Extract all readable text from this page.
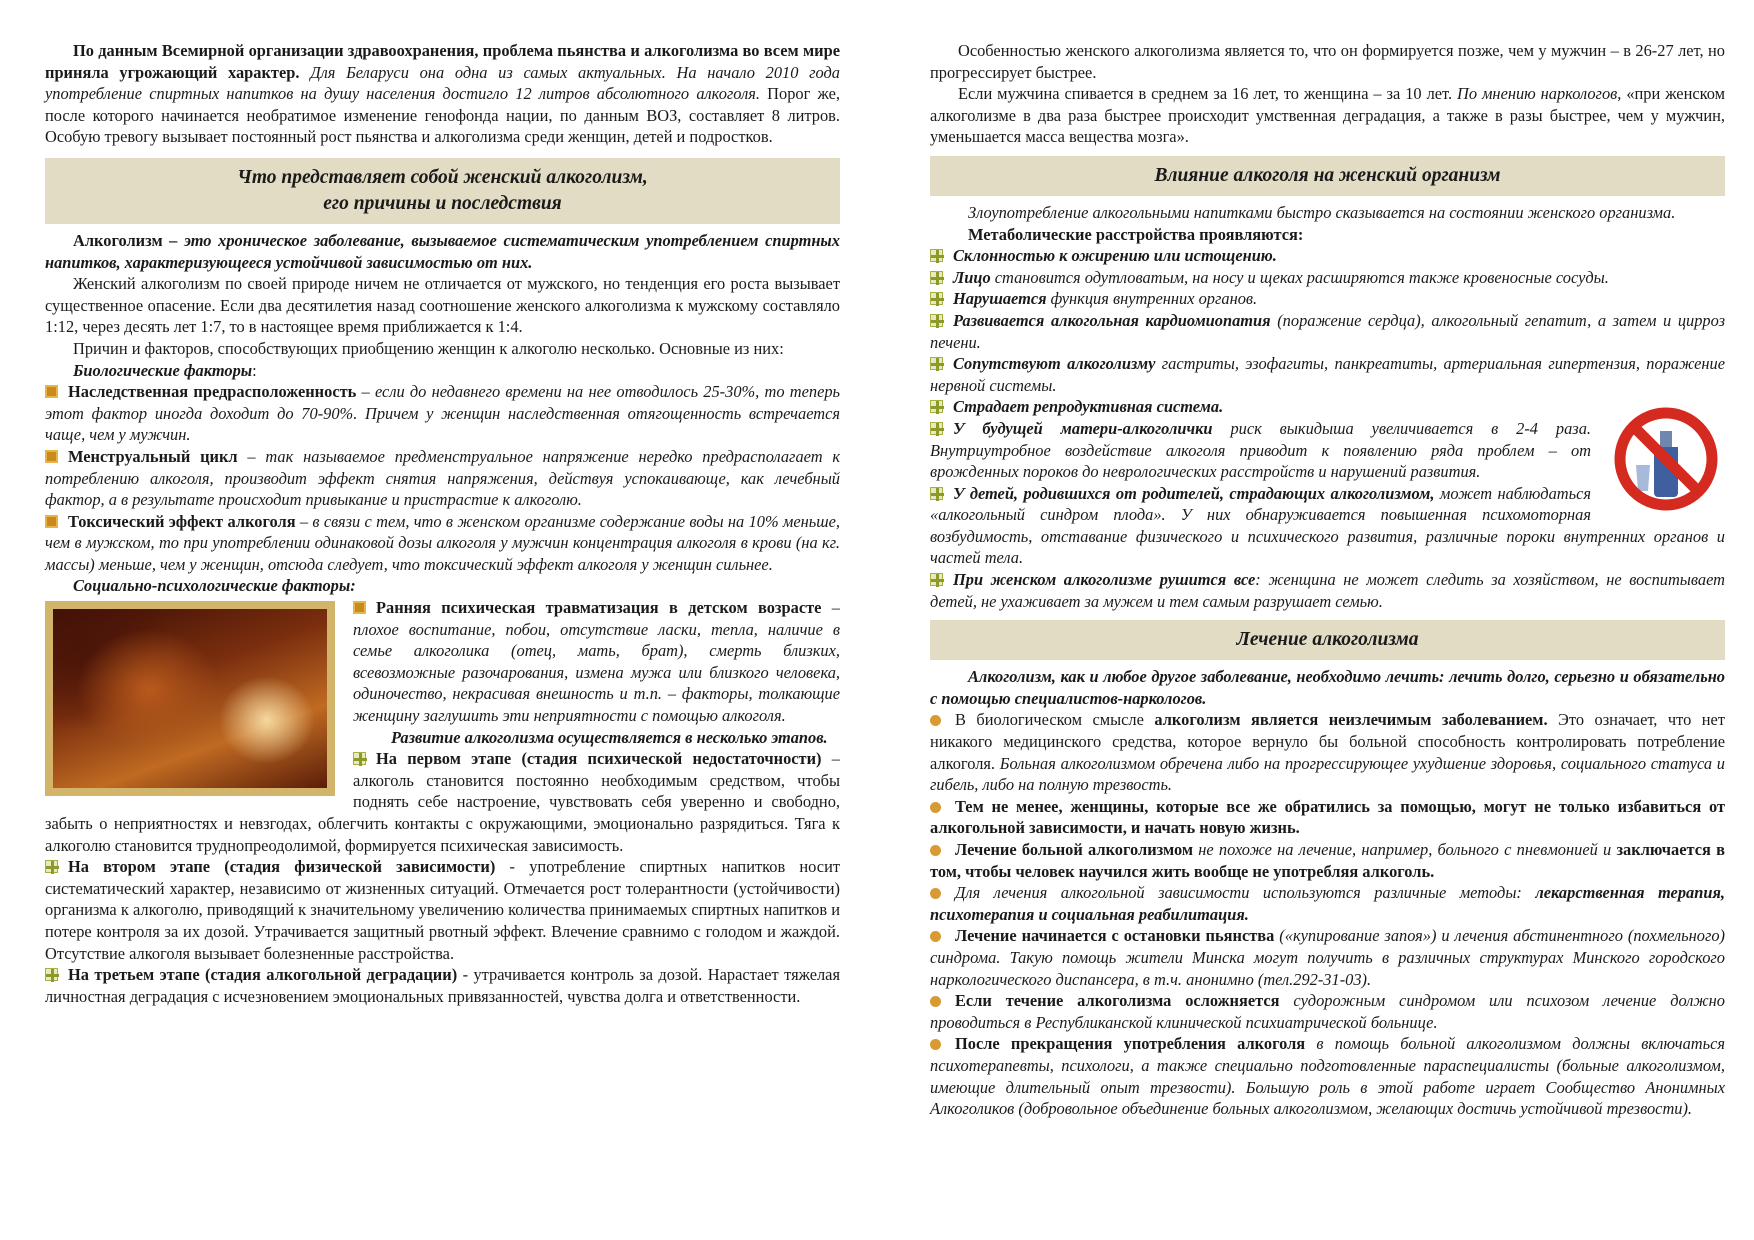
По данным Всемирной организации здравоохранения, проблема пьянства и алкоголизма во всем мире приняла угрожающий характер. Для Беларуси она одна из самых актуальных. На начало 2010 года употребление спиртных напитков на душу населения достигло 12 литров абсолютного алкоголя. Порог же, после которого начинается необратимое изменение генофонда нации, по данным ВОЗ, составляет 8 литров. Особую тревогу вызывает постоянный рост пьянства и алкоголизма среди женщин, детей и подростков.

Что представляет собой женский алкоголизм,
его причины и последствия

Алкоголизм – это хроническое заболевание, вызываемое систематическим употреблением спиртных напитков, характеризующееся устойчивой зависимостью от них.

Женский алкоголизм по своей природе ничем не отличается от мужского, но тенденция его роста вызывает существенное опасение. Если два десятилетия назад соотношение женского алкоголизма к мужскому составляло 1:12, через десять лет 1:7, то в настоящее время приближается к 1:4.

Причин и факторов, способствующих приобщению женщин к алкоголю несколько. Основные из них:

Биологические факторы:

Наследственная предрасположенность – если до недавнего времени на нее отводилось 25-30%, то теперь этот фактор иногда доходит до 70-90%. Причем у женщин наследственная отягощенность встречается чаще, чем у мужчин.

Менструальный цикл – так называемое предменструальное напряжение нередко предрасполагает к потреблению алкоголя, производит эффект снятия напряжения, действуя успокаивающе, как лечебный фактор, а в результате происходит привыкание и пристрастие к алкоголю.

Токсический эффект алкоголя – в связи с тем, что в женском организме содержание воды на 10% меньше, чем в мужском, то при употреблении одинаковой дозы алкоголя у мужчин концентрация алкоголя в крови (на кг. массы) меньше, чем у женщин, отсюда следует, что токсический эффект алкоголя у женщин сильнее.

Социально-психологические факторы:

Ранняя психическая травматизация в детском возрасте – плохое воспитание, побои, отсутствие ласки, тепла, наличие в семье алкоголика (отец, мать, брат), смерть близких, всевозможные разочарования, измена мужа или близкого человека, одиночество, некрасивая внешность и т.п. – факторы, толкающие женщину заглушить эти неприятности с помощью алкоголя.

Развитие алкоголизма осуществляется в несколько этапов.

На первом этапе (стадия психической недостаточности) – алкоголь становится постоянно необходимым средством, чтобы поднять себе настроение, чувствовать себя уверенно и свободно, забыть о неприятностях и невзгодах, облегчить контакты с окружающими, эмоционально разрядиться. Тяга к алкоголю становится труднопреодолимой, формируется психическая зависимость.

На втором этапе (стадия физической зависимости) - употребление спиртных напитков носит систематический характер, независимо от жизненных ситуаций. Отмечается рост толерантности (устойчивости) организма к алкоголю, приводящий к значительному увеличению количества принимаемых спиртных напитков и потере контроля за их дозой. Утрачивается защитный рвотный эффект. Влечение сравнимо с голодом и жаждой. Отсутствие алкоголя вызывает болезненные расстройства.

На третьем этапе (стадия алкогольной деградации) - утрачивается контроль за дозой. Нарастает тяжелая личностная деградация с исчезновением эмоциональных привязанностей, чувства долга и ответственности.

Особенностью женского алкоголизма является то, что он формируется позже, чем у мужчин – в 26-27 лет, но прогрессирует быстрее.

Если мужчина спивается в среднем за 16 лет, то женщина – за 10 лет. По мнению наркологов, «при женском алкоголизме в два раза быстрее происходит умственная деградация, а также в разы быстрее, чем у мужчин, уменьшается масса вещества мозга».

Влияние алкоголя на женский организм

Злоупотребление алкогольными напитками быстро сказывается на состоянии женского организма.

Метаболические расстройства проявляются:

Склонностью к ожирению или истощению.

Лицо становится одутловатым, на носу и щеках расширяются также кровеносные сосуды.

Нарушается функция внутренних органов.

Развивается алкогольная кардиомиопатия (поражение сердца), алкогольный гепатит, а затем и цирроз печени.

Сопутствуют алкоголизму гастриты, эзофагиты, панкреатиты, артериальная гипертензия, поражение нервной системы.

Страдает репродуктивная система.

У будущей матери-алкоголички риск выкидыша увеличивается в 2-4 раза. Внутриутробное воздействие алкоголя приводит к появлению ряда проблем – от врожденных пороков до неврологических расстройств и нарушений развития.

У детей, родившихся от родителей, страдающих алкоголизмом, может наблюдаться «алкогольный синдром плода». У них обнаруживается повышенная психомоторная возбудимость, отставание физического и психического развития, различные пороки внутренних органов и частей тела.

При женском алкоголизме рушится все: женщина не может следить за хозяйством, не воспитывает детей, не ухаживает за мужем и тем самым разрушает семью.

Лечение алкоголизма

Алкоголизм, как и любое другое заболевание, необходимо лечить: лечить долго, серьезно и обязательно с помощью специалистов-наркологов.

В биологическом смысле алкоголизм является неизлечимым заболеванием. Это означает, что нет никакого медицинского средства, которое вернуло бы больной способность контролировать потребление алкоголя. Больная алкоголизмом обречена либо на прогрессирующее ухудшение здоровья, социального статуса и гибель, либо на полную трезвость.

Тем не менее, женщины, которые все же обратились за помощью, могут не только избавиться от алкогольной зависимости, и начать новую жизнь.

Лечение больной алкоголизмом не похоже на лечение, например, больного с пневмонией и заключается в том, чтобы человек научился жить вообще не употребляя алкоголь.

Для лечения алкогольной зависимости используются различные методы: лекарственная терапия, психотерапия и социальная реабилитация.

Лечение начинается с остановки пьянства («купирование запоя») и лечения абстинентного (похмельного) синдрома. Такую помощь жители Минска могут получить в различных структурах Минского городского наркологического диспансера, в т.ч. анонимно (тел.292-31-03).

Если течение алкоголизма осложняется судорожным синдромом или психозом лечение должно проводиться в Республиканской клинической психиатрической больнице.

После прекращения употребления алкоголя в помощь больной алкоголизмом должны включаться психотерапевты, психологи, а также специально подготовленные парaспециалисты (больные алкоголизмом, имеющие длительный опыт трезвости). Большую роль в этой работе играет Сообщество Анонимных Алкоголиков (добровольное объединение больных алкоголизмом, желающих достичь устойчивой трезвости).
